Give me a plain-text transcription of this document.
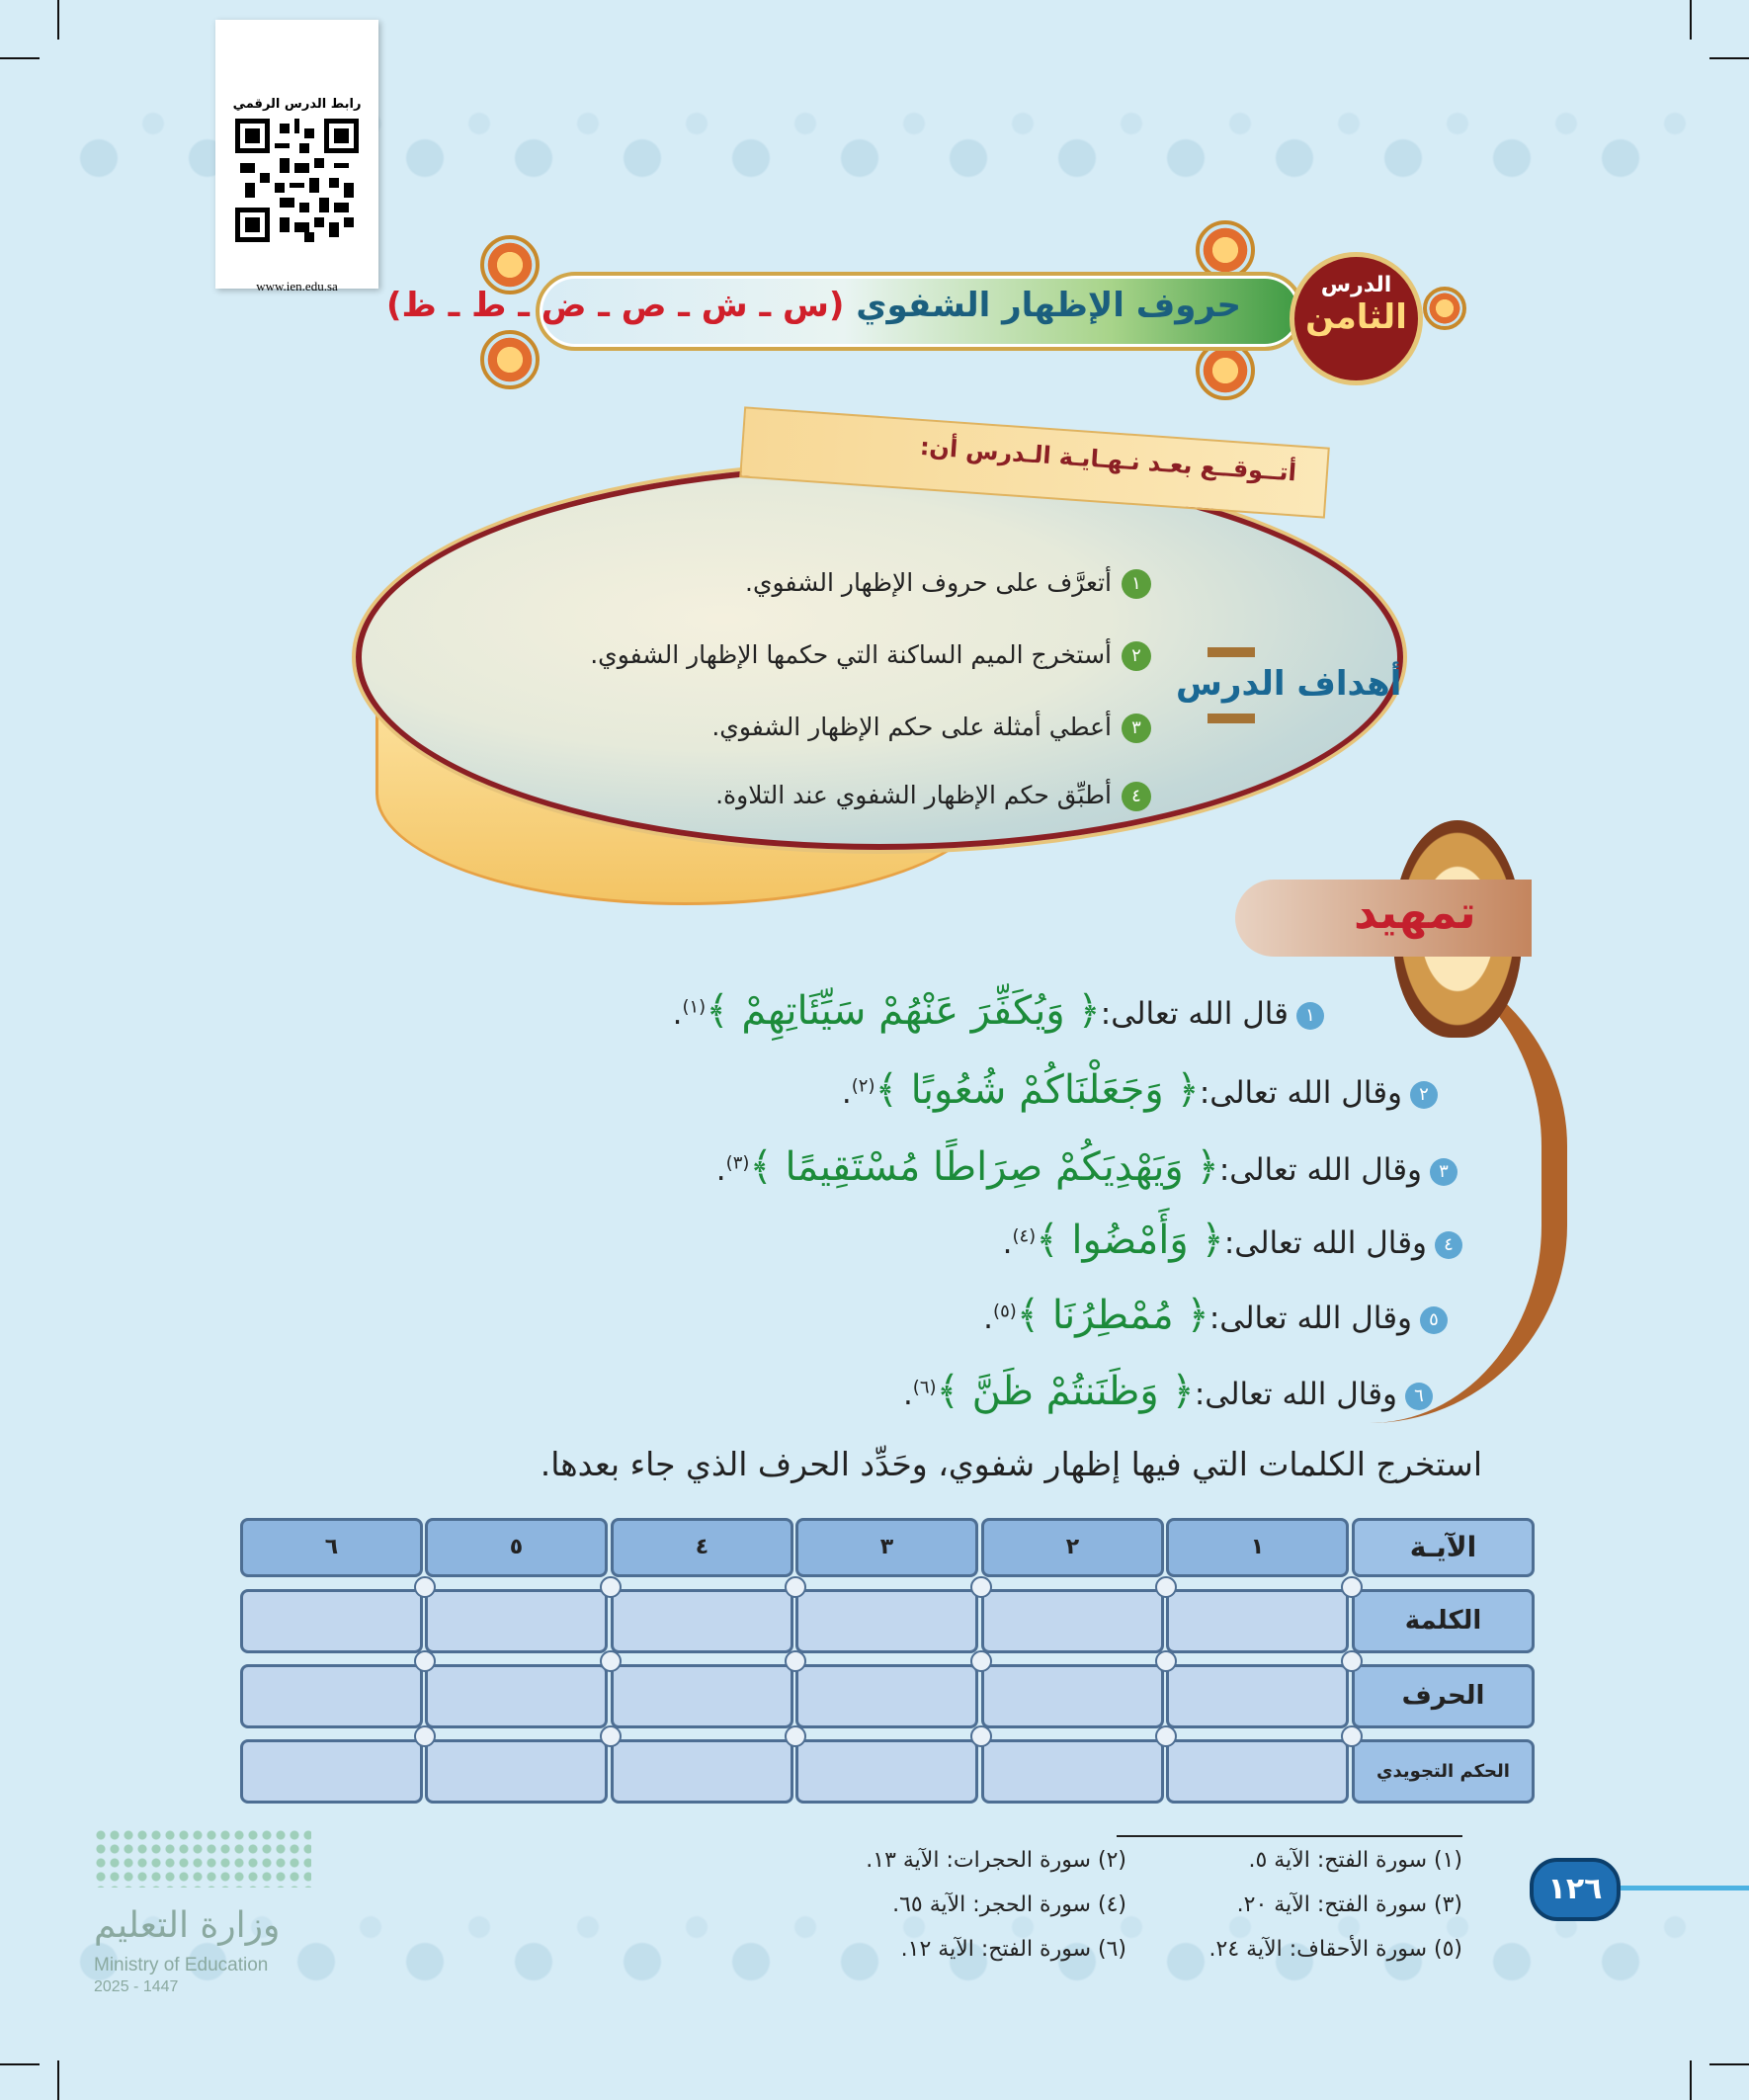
رابط الدرس الرقمي
www.ien.edu.sa	حروف الإظهار الشفوي (س ـ ش ـ ص ـ ض ـ ط ـ ظ)
الدرس
الثامن
أتــوقــع بعـد نـهـايـة الـدرس أن:
١أتعرَّف على حروف الإظهار الشفوي.
٢أستخرج الميم الساكنة التي حكمها الإظهار الشفوي.
٣أعطي أمثلة على حكم الإظهار الشفوي.
٤أطبِّق حكم الإظهار الشفوي عند التلاوة.
أهداف الدرس
تمهيد
١قال الله تعالى:﴿ وَيُكَفِّرَ عَنْهُمْ سَيِّئَاتِهِمْ ﴾$^{(١)}$.
٢وقال الله تعالى:﴿ وَجَعَلْنَاكُمْ شُعُوبًا ﴾$^{(٢)}$.
٣وقال الله تعالى:﴿ وَيَهْدِيَكُمْ صِرَاطًا مُسْتَقِيمًا ﴾$^{(٣)}$.
٤وقال الله تعالى:﴿ وَأَمْضُوا ﴾$^{(٤)}$.
٥وقال الله تعالى:﴿ مُمْطِرُنَا ﴾$^{(٥)}$.
٦وقال الله تعالى:﴿ وَظَنَنتُمْ ظَنَّ ﴾$^{(٦)}$.
استخرج الكلمات التي فيها إظهار شفوي، وحَدِّد الحرف الذي جاء بعدها.
الآيـة
١
٢
٣
٤
٥
٦
الكلمة
الحرف
الحكم التجويدي
(١) سورة الفتح: الآية ٥.
(٢) سورة الحجرات: الآية ١٣.
(٣) سورة الفتح: الآية ٢٠.
(٤) سورة الحجر: الآية ٦٥.
(٥) سورة الأحقاف: الآية ٢٤.
(٦) سورة الفتح: الآية ١٢.
١٢٦
وزارة التعليم
Ministry of Education
2025 - 1447
